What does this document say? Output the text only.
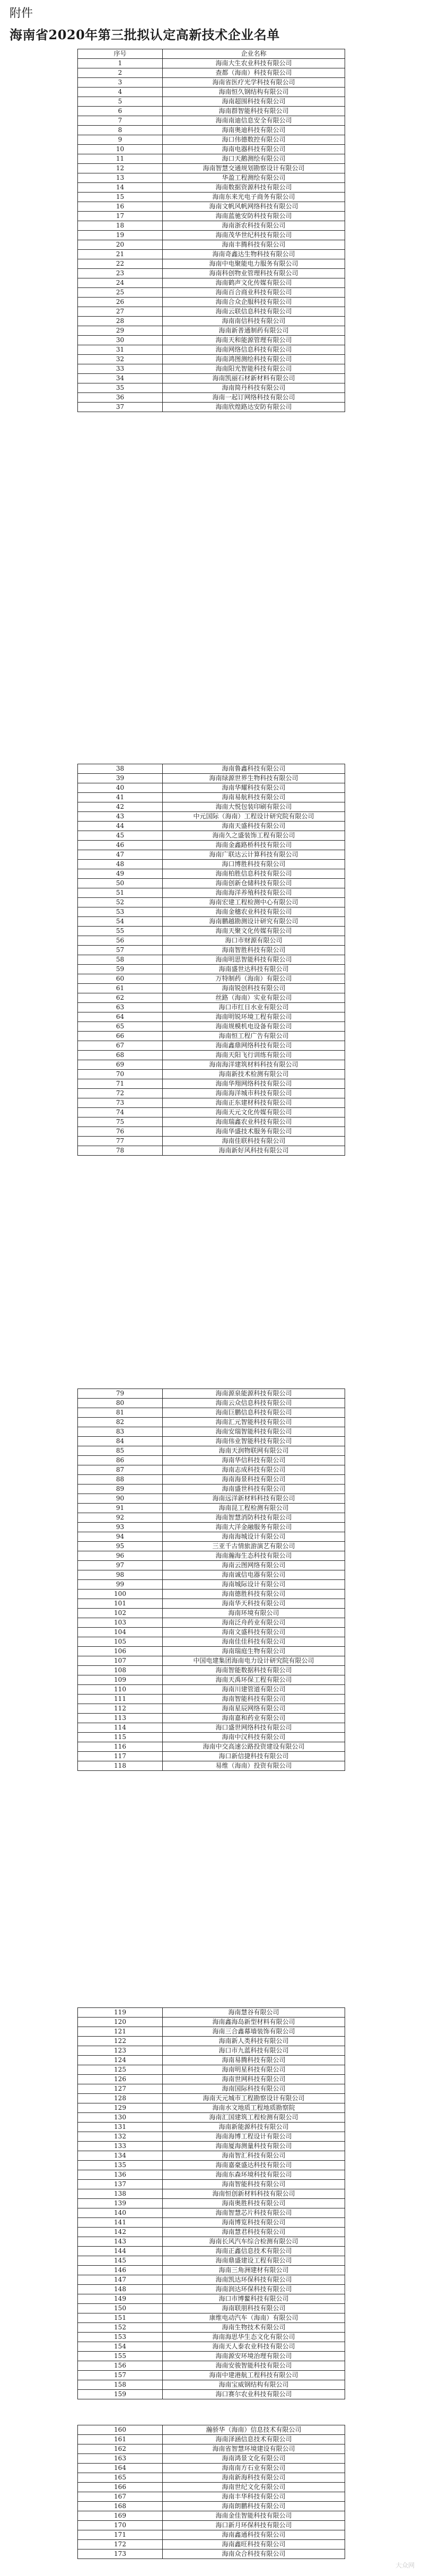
附件
海南省2020年第三批拟认定高新技术企业名单
序号	企业名称
1	海南大生农业科技有限公司
2	查都（海南）科技有限公司
3	海南省医疗光学科技有限公司
4	海南恒久钢结构有限公司
5	海南超围科技有限公司
6	海南群智能科技有限公司
7	海南南迪信息安全有限公司
8	海南奥迪科技有限公司
9	海口伟德数控有限公司
10	海南电器科技有限公司
11	海口天鹅测绘有限公司
12	海南智慧交通规划勘察设计有限公司
13	华盈工程测绘有限公司
14	海南数据资源科技有限公司
15	海南东来光电子商务有限公司
16	海南文帆风帆网络科技有限公司
17	海南蓝驰安防科技有限公司
18	海南浙农科技有限公司
19	海南茂华世纪科技有限公司
20	海南丰腾科技有限公司
21	海南奇鑫达生物科技有限公司
22	海南中电聚能电力服务有限公司
23	海南科创物业管理科技有限公司
24	海南鹤声文化传媒有限公司
25	海南百合商业科技有限公司
26	海南合众企服科技有限公司
27	海南云联信息科技有限公司
28	海南南信科技有限公司
29	海南新普通制药有限公司
30	海南天和能源管理有限公司
31	海南网络信息科技有限公司
32	海南鸿图测绘科技有限公司
33	海南阳光智能科技有限公司
34	海南凯丽石材新材料有限公司
35	海南简丹科技有限公司
36	海南一起订网络科技有限公司
37	海南欣煌路达安防有限公司
38	海南鲁鑫科技有限公司
39	海南绿源世界生物科技有限公司
40	海南华耀科技有限公司
41	海南易航科技有限公司
42	海南大悦包装印刷有限公司
43	中元国际（海南）工程设计研究院有限公司
44	海南天盛科技有限公司
45	海南久之盛装饰工程有限公司
46	海南金鑫路桥科技有限公司
47	海南广联达云计算科技有限公司
48	海口博胜科技有限公司
49	海南柏胜信息科技有限公司
50	海南创新仓储科技有限公司
51	海南海洋养殖科技有限公司
52	海南宏建工程检测中心有限公司
53	海南金穗农业科技有限公司
54	海南鹏越勘测设计研究有限公司
55	海南天聚文化传媒有限公司
56	海口市财源有限公司
57	海南智胜科技有限公司
58	海南明思智能科技有限公司
59	海南盛世达科技有限公司
60	万特制药（海南）有限公司
61	海南锐创科技有限公司
62	丝路（海南）实业有限公司
63	海口市红日水业有限公司
64	海南明锐环境工程有限公司
65	海南规模机电设备有限公司
66	海南恒工程广告有限公司
67	海南鑫鼎网络科技有限公司
68	海南天阳飞行训练有限公司
69	海南海洋建筑材料科技有限公司
70	海南新技术检测有限公司
71	海南华翔网络科技有限公司
72	海南海洋城市科技有限公司
73	海南正东建材科技有限公司
74	海南天元文化传媒有限公司
75	海南瑞鑫农业科技有限公司
76	海南华盛技术服务有限公司
77	海南佳联科技有限公司
78	海南新好风科技有限公司
79	海南源泉能源科技有限公司
80	海南云众信息科技有限公司
81	海南巨鹏信息科技有限公司
82	海南汇元智能科技有限公司
83	海南安瑞智能科技有限公司
84	海南伟业智能科技有限公司
85	海南天润物联网有限公司
86	海南华信科技有限公司
87	海南志成科技有限公司
88	海南海景科技有限公司
89	海南盛世科技有限公司
90	海南远洋新材料科技有限公司
91	海南昆工程检测有限公司
92	海南智慧消防科技有限公司
93	海南大洋金融服务有限公司
94	海南海城设计有限公司
95	三亚千古情旅游演艺有限公司
96	海南瀚海生态科技有限公司
97	海南云图网络有限公司
98	海南诚信电器有限公司
99	海南城际设计有限公司
100	海南德胜科技有限公司
101	海南华天科技有限公司
102	海南环境有限公司
103	海南泛舟药业有限公司
104	海南文盛科技有限公司
105	海南佳佳科技有限公司
106	海南瑞庭生物有限公司
107	中国电建集团海南电力设计研究院有限公司
108	海南智能数据科技有限公司
109	海南天禹环保工程有限公司
110	海南川建管道有限公司
111	海南智能科技有限公司
112	海南星辰网络有限公司
113	海南嘉和药业有限公司
114	海口盛世网络科技有限公司
115	海南中汉科技有限公司
116	海南中交高速公路投资建设有限公司
117	海口新信捷科技有限公司
118	易维（海南）投资有限公司
119	海南慧谷有限公司
120	海南鑫海岛新型材料有限公司
121	海南三合鑫幕墙装饰有限公司
122	海南新人类科技有限公司
123	海口市九蓝科技有限公司
124	海南易腾科技有限公司
125	海南明星科技有限公司
126	海南世网科技有限公司
127	海南国际科技有限公司
128	海南天元城市工程勘察设计有限公司
129	海南水文地质工程地质勘察院
130	海南汇国建筑工程检测有限公司
131	海南新能源科技有限公司
132	海南海博工程设计有限公司
133	海南厦海测量科技有限公司
134	海南智汇科技有限公司
135	海南嘉豪盛达科技有限公司
136	海南东森环境科技有限公司
137	海南智能科技有限公司
138	海南恒创新材料科技有限公司
139	海南奥胜科技有限公司
140	海南智慧芯片科技有限公司
141	海南博览科技有限公司
142	海南慧君科技有限公司
143	海南长风汽车综合检测有限公司
144	海南正鑫信息技术有限公司
145	海南鼎盛建设工程有限公司
146	海南三角洲建材有限公司
147	海南凯达环保科技有限公司
148	海南润达环保科技有限公司
149	海口市博鳌科技有限公司
150	海南联朋科技有限公司
151	康维电动汽车（海南）有限公司
152	海南生物技术有限公司
153	海南海思华生态文化有限公司
154	海南天人泰农业科技有限公司
155	海南源安环境治理有限公司
156	海南安骏智能科技有限公司
157	海南中建港航工程科技有限公司
158	海南宝威钢结构有限公司
159	海口赛尔农业科技有限公司
160	瀚骄华（海南）信息技术有限公司
161	海南泽涵信息技术有限公司
162	海南省智慧环境建设有限公司
163	海南鸿景文化有限公司
164	海南南方石业有限公司
165	海南新海科技有限公司
166	海南世纪文化有限公司
167	海南丰华科技有限公司
168	海南朗鹏科技有限公司
169	海南金佳智能科技有限公司
170	海口新月环保科技有限公司
171	海南鑫通科技有限公司
172	海南鑫旺科技有限公司
173	海南众合科技有限公司
大众网
